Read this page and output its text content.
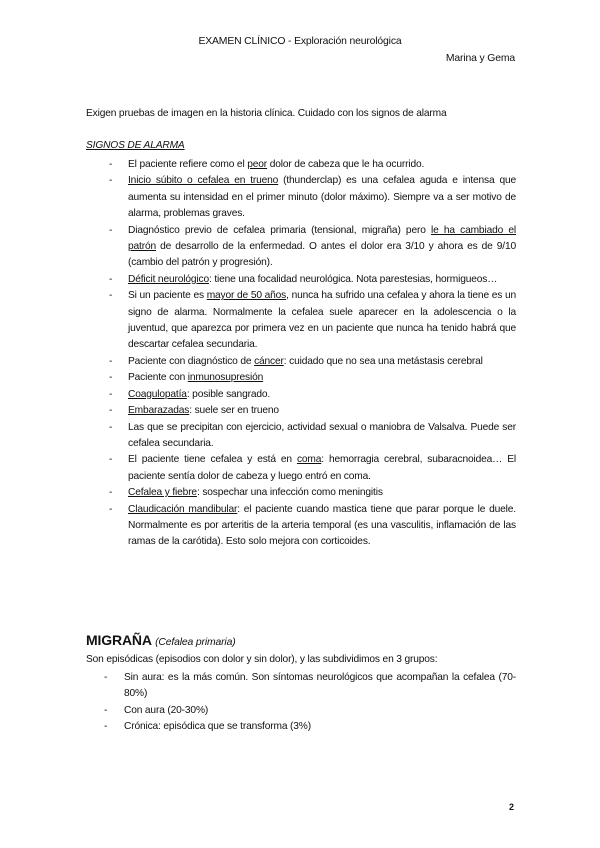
EXAMEN CLÍNICO - Exploración neurológica
Marina y Gema
Exigen pruebas de imagen en la historia clínica. Cuidado con los signos de alarma
SIGNOS DE ALARMA
- El paciente refiere como el peor dolor de cabeza que le ha ocurrido.
- Inicio súbito o cefalea en trueno (thunderclap) es una cefalea aguda e intensa que aumenta su intensidad en el primer minuto (dolor máximo). Siempre va a ser motivo de alarma, problemas graves.
- Diagnóstico previo de cefalea primaria (tensional, migraña) pero le ha cambiado el patrón de desarrollo de la enfermedad. O antes el dolor era 3/10 y ahora es de 9/10 (cambio del patrón y progresión).
- Déficit neurológico: tiene una focalidad neurológica. Nota parestesias, hormigueos…
- Si un paciente es mayor de 50 años, nunca ha sufrido una cefalea y ahora la tiene es un signo de alarma. Normalmente la cefalea suele aparecer en la adolescencia o la juventud, que aparezca por primera vez en un paciente que nunca ha tenido habrá que descartar cefalea secundaria.
- Paciente con diagnóstico de cáncer: cuidado que no sea una metástasis cerebral
- Paciente con inmunosupresión
- Coagulopatía: posible sangrado.
- Embarazadas: suele ser en trueno
- Las que se precipitan con ejercicio, actividad sexual o maniobra de Valsalva. Puede ser cefalea secundaria.
- El paciente tiene cefalea y está en coma: hemorragia cerebral, subaracnoidea… El paciente sentía dolor de cabeza y luego entró en coma.
- Cefalea y fiebre: sospechar una infección como meningitis
- Claudicación mandibular: el paciente cuando mastica tiene que parar porque le duele. Normalmente es por arteritis de la arteria temporal (es una vasculitis, inflamación de las ramas de la carótida). Esto solo mejora con corticoides.
MIGRAÑA (Cefalea primaria)
Son episódicas (episodios con dolor y sin dolor), y las subdividimos en 3 grupos:
- Sin aura: es la más común. Son síntomas neurológicos que acompañan la cefalea (70-80%)
- Con aura (20-30%)
- Crónica: episódica que se transforma (3%)
2
